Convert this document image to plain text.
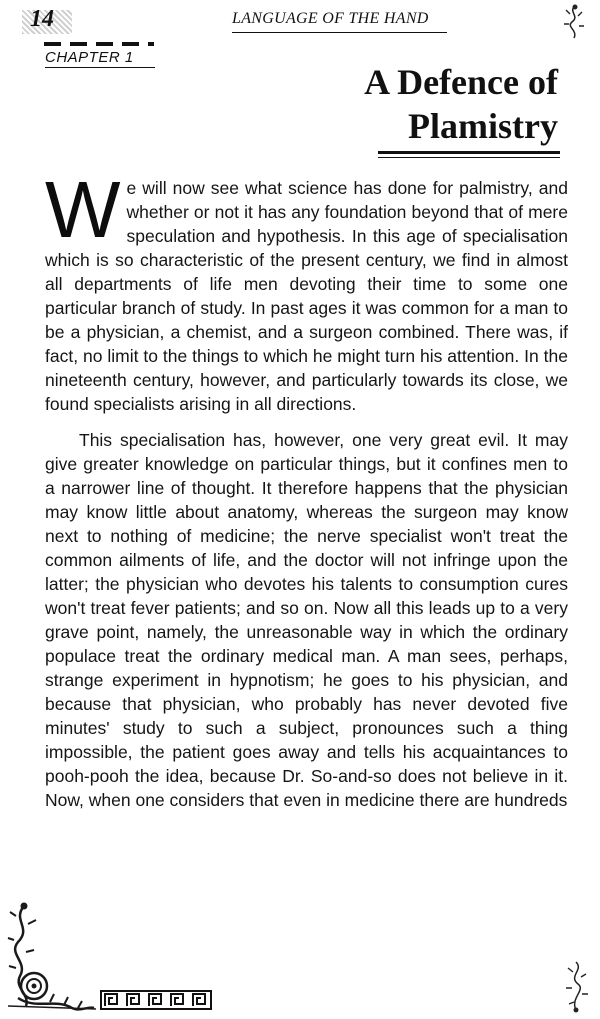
14	LANGUAGE OF THE HAND
CHAPTER 1
A Defence of
Plamistry

We will now see what science has done for palmistry, and whether or not it has any foundation beyond that of mere speculation and hypothesis. In this age of specialisation which is so characteristic of the present century, we find in almost all departments of life men devoting their time to some one particular branch of study. In past ages it was common for a man to be a physician, a chemist, and a surgeon combined. There was, if fact, no limit to the things to which he might turn his attention. In the nineteenth century, however, and particularly towards its close, we found specialists arising in all directions.

This specialisation has, however, one very great evil. It may give greater knowledge on particular things, but it confines men to a narrower line of thought. It therefore happens that the physician may know little about anatomy, whereas the surgeon may know next to nothing of medicine; the nerve specialist won't treat the common ailments of life, and the doctor will not infringe upon the latter; the physician who devotes his talents to consumption cures won't treat fever patients; and so on. Now all this leads up to a very grave point, namely, the unreasonable way in which the ordinary populace treat the ordinary medical man. A man sees, perhaps, strange experiment in hypnotism; he goes to his physician, and because that physician, who probably has never devoted five minutes' study to such a subject, pronounces such a thing impossible, the patient goes away and tells his acquaintances to pooh-pooh the idea, because Dr. So-and-so does not believe in it. Now, when one considers that even in medicine there are hundreds
